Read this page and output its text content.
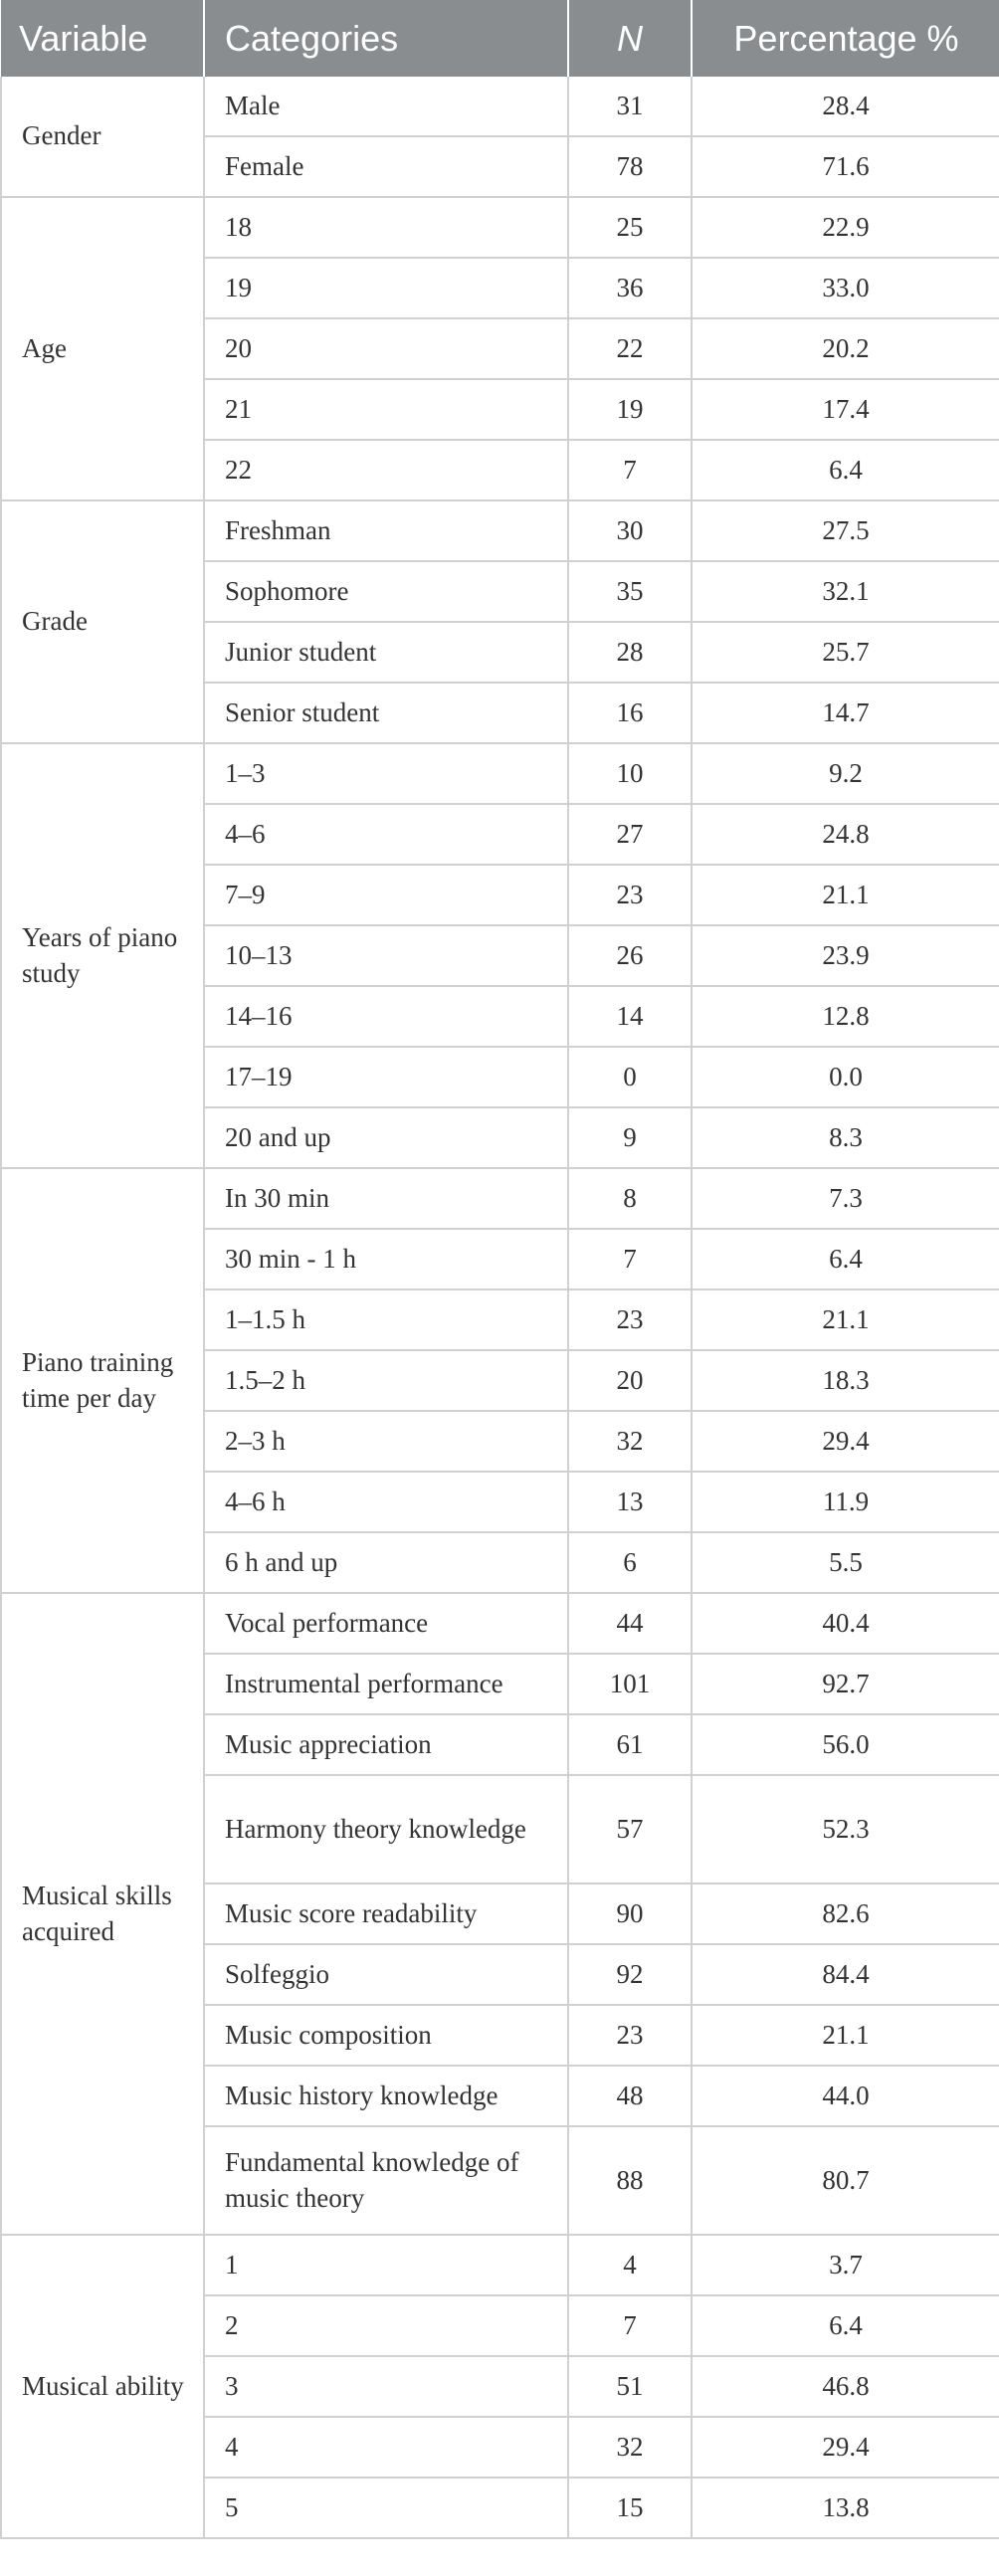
Variable	Categories	N	Percentage %
Gender	Male	31	28.4
	Female	78	71.6
Age	18	25	22.9
	19	36	33.0
	20	22	20.2
	21	19	17.4
	22	7	6.4
Grade	Freshman	30	27.5
	Sophomore	35	32.1
	Junior student	28	25.7
	Senior student	16	14.7
Years of piano study	1–3	10	9.2
	4–6	27	24.8
	7–9	23	21.1
	10–13	26	23.9
	14–16	14	12.8
	17–19	0	0.0
	20 and up	9	8.3
Piano training time per day	In 30 min	8	7.3
	30 min - 1 h	7	6.4
	1–1.5 h	23	21.1
	1.5–2 h	20	18.3
	2–3 h	32	29.4
	4–6 h	13	11.9
	6 h and up	6	5.5
Musical skills acquired	Vocal performance	44	40.4
	Instrumental performance	101	92.7
	Music appreciation	61	56.0
	Harmony theory knowledge	57	52.3
	Music score readability	90	82.6
	Solfeggio	92	84.4
	Music composition	23	21.1
	Music history knowledge	48	44.0
	Fundamental knowledge of music theory	88	80.7
Musical ability	1	4	3.7
	2	7	6.4
	3	51	46.8
	4	32	29.4
	5	15	13.8
